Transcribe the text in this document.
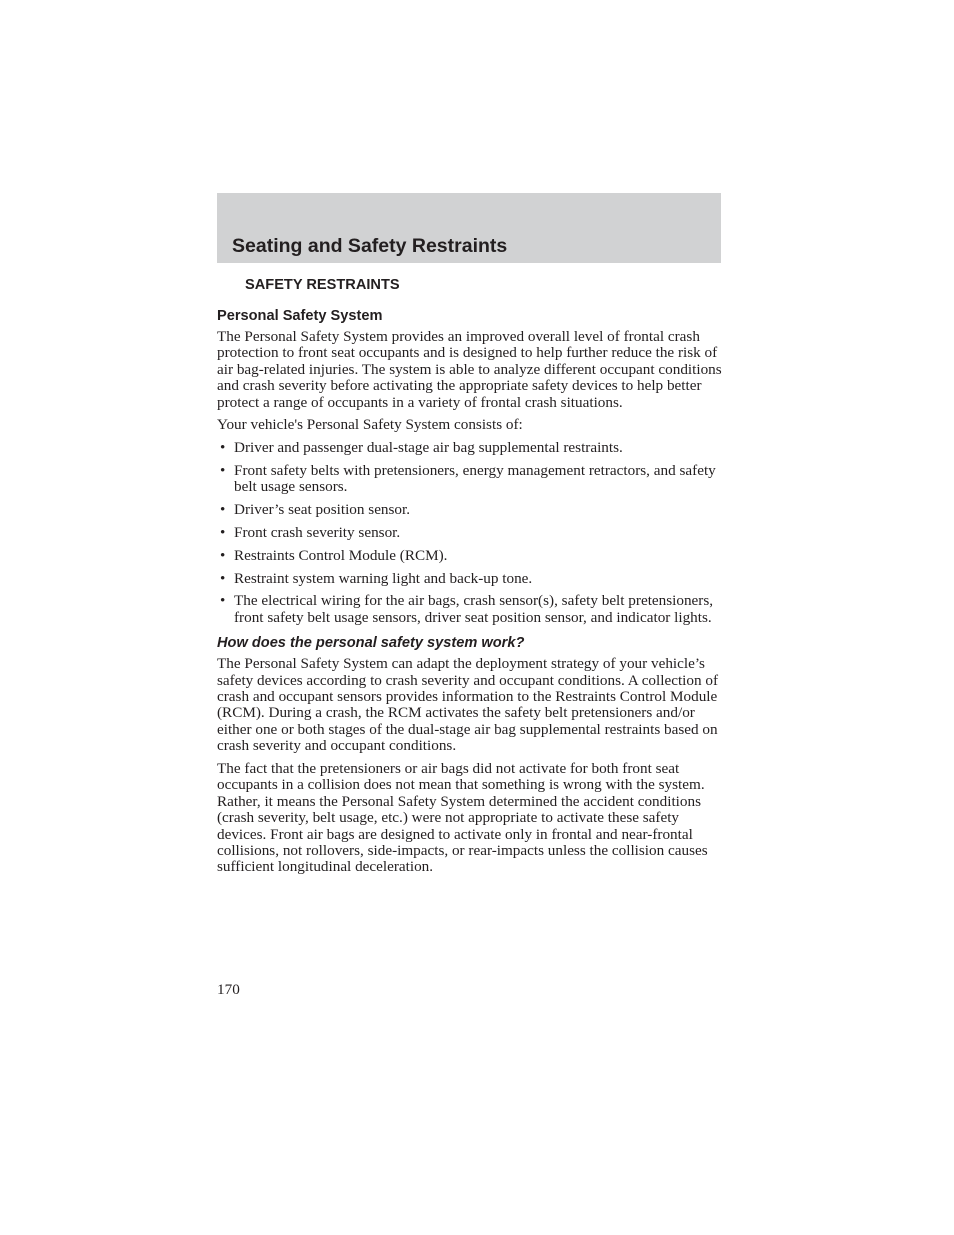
Seating and Safety Restraints
SAFETY RESTRAINTS
Personal Safety System

The Personal Safety System provides an improved overall level of frontal crash protection to front seat occupants and is designed to help further reduce the risk of air bag-related injuries. The system is able to analyze different occupant conditions and crash severity before activating the appropriate safety devices to help better protect a range of occupants in a variety of frontal crash situations.

Your vehicle's Personal Safety System consists of:

• Driver and passenger dual-stage air bag supplemental restraints.
• Front safety belts with pretensioners, energy management retractors, and safety belt usage sensors.
• Driver’s seat position sensor.
• Front crash severity sensor.
• Restraints Control Module (RCM).
• Restraint system warning light and back-up tone.
• The electrical wiring for the air bags, crash sensor(s), safety belt pretensioners, front safety belt usage sensors, driver seat position sensor, and indicator lights.
How does the personal safety system work?

The Personal Safety System can adapt the deployment strategy of your vehicle’s safety devices according to crash severity and occupant conditions. A collection of crash and occupant sensors provides information to the Restraints Control Module (RCM). During a crash, the RCM activates the safety belt pretensioners and/or either one or both stages of the dual-stage air bag supplemental restraints based on crash severity and occupant conditions.

The fact that the pretensioners or air bags did not activate for both front seat occupants in a collision does not mean that something is wrong with the system. Rather, it means the Personal Safety System determined the accident conditions (crash severity, belt usage, etc.) were not appropriate to activate these safety devices. Front air bags are designed to activate only in frontal and near-frontal collisions, not rollovers, side-impacts, or rear-impacts unless the collision causes sufficient longitudinal deceleration.

170
